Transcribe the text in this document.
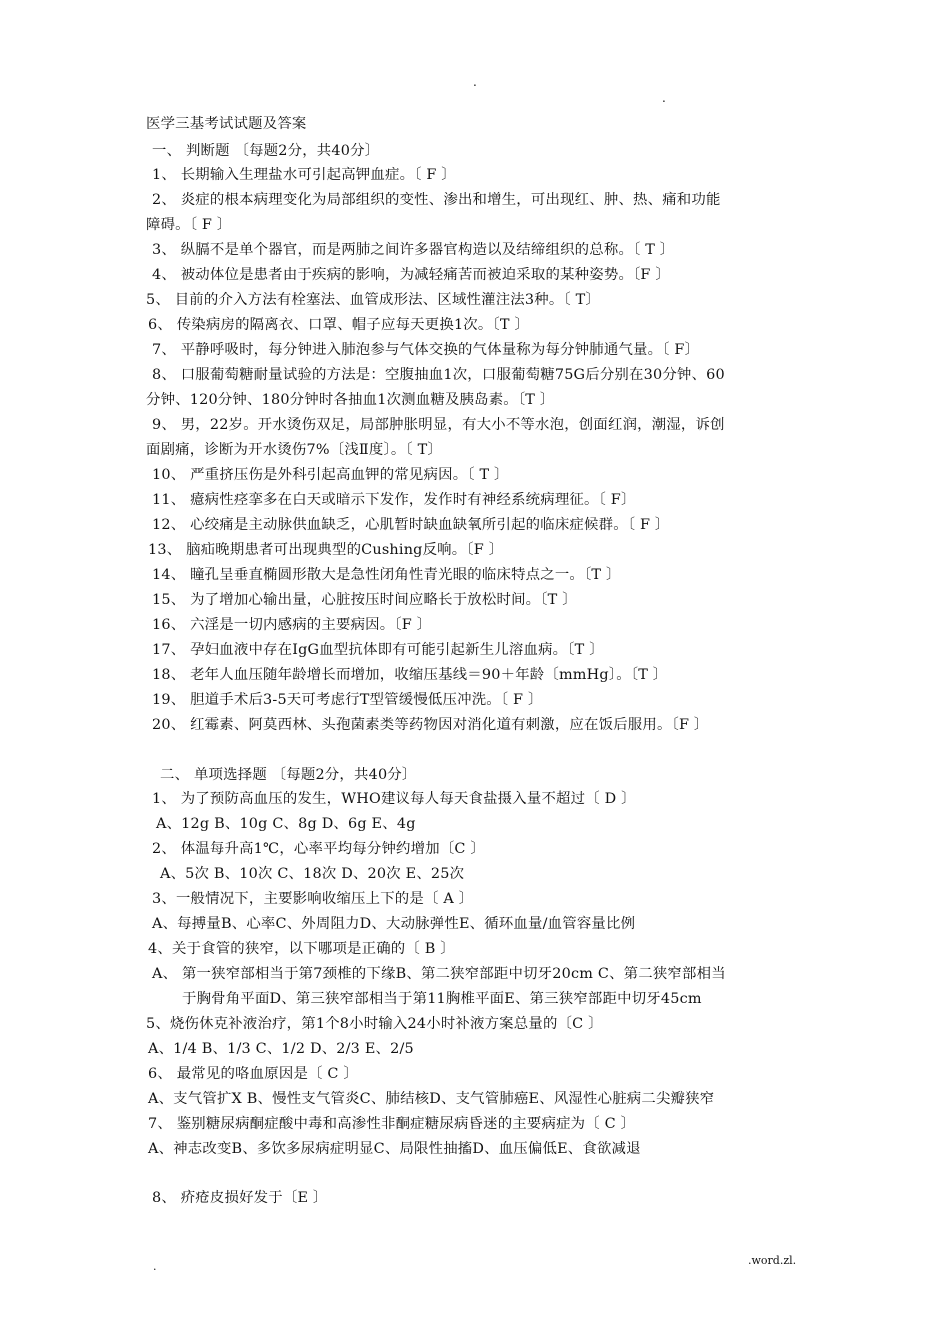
.
.
医学三基考试试题及答案
一、 判断题 〔每题2分，共40分〕
1、 长期输入生理盐水可引起高钾血症。〔 F 〕
2、 炎症的根本病理变化为局部组织的变性、渗出和增生，可出现红、肿、热、痛和功能
障碍。〔 F 〕
3、 纵膈不是单个器官，而是两肺之间许多器官构造以及结缔组织的总称。〔 T 〕
4、 被动体位是患者由于疾病的影响，为减轻痛苦而被迫采取的某种姿势。〔F 〕
5、 目前的介入方法有栓塞法、血管成形法、区域性灌注法3种。〔 T〕
6、 传染病房的隔离衣、口罩、帽子应每天更换1次。〔T 〕
7、 平静呼吸时，每分钟进入肺泡参与气体交换的气体量称为每分钟肺通气量。〔 F〕
8、 口服葡萄糖耐量试验的方法是：空腹抽血1次，口服葡萄糖75G后分别在30分钟、60
分钟、120分钟、180分钟时各抽血1次测血糖及胰岛素。〔T 〕
9、 男，22岁。开水烫伤双足，局部肿胀明显，有大小不等水泡，创面红润，潮湿，诉创
面剧痛，诊断为开水烫伤7%〔浅Ⅱ度〕。〔 T〕
10、 严重挤压伤是外科引起高血钾的常见病因。〔 T 〕
11、 癔病性痉挛多在白天或暗示下发作，发作时有神经系统病理征。〔 F〕
12、 心绞痛是主动脉供血缺乏，心肌暂时缺血缺氧所引起的临床症候群。〔 F 〕
13、 脑疝晚期患者可出现典型的Cushing反响。〔F 〕
14、 瞳孔呈垂直椭圆形散大是急性闭角性青光眼的临床特点之一。〔T 〕
15、 为了增加心输出量，心脏按压时间应略长于放松时间。〔T 〕
16、 六淫是一切内感病的主要病因。〔F 〕
17、 孕妇血液中存在IgG血型抗体即有可能引起新生儿溶血病。〔T 〕
18、 老年人血压随年龄增长而增加，收缩压基线＝90＋年龄〔mmHg〕。〔T 〕
19、 胆道手术后3-5天可考虑行T型管缓慢低压冲洗。〔 F 〕
20、 红霉素、阿莫西林、头孢菌素类等药物因对消化道有刺激，应在饭后服用。〔F 〕
二、 单项选择题 〔每题2分，共40分〕
1、 为了预防高血压的发生，WHO建议每人每天食盐摄入量不超过〔 D 〕
A、12g B、10g C、8g D、6g E、4g
2、 体温每升高1℃，心率平均每分钟约增加〔C 〕
A、5次 B、10次 C、18次 D、20次 E、25次
3、一般情况下，主要影响收缩压上下的是〔 A 〕
A、每搏量B、心率C、外周阻力D、大动脉弹性E、循环血量/血管容量比例
4、关于食管的狭窄，以下哪项是正确的〔 B 〕
A、 第一狭窄部相当于第7颈椎的下缘B、第二狭窄部距中切牙20cm C、第二狭窄部相当
于胸骨角平面D、第三狭窄部相当于第11胸椎平面E、第三狭窄部距中切牙45cm
5、烧伤休克补液治疗，第1个8小时输入24小时补液方案总量的〔C 〕
A、1/4 B、1/3 C、1/2 D、2/3 E、2/5
6、 最常见的咯血原因是〔 C 〕
A、支气管扩X B、慢性支气管炎C、肺结核D、支气管肺癌E、风湿性心脏病二尖瓣狭窄
7、 鉴别糖尿病酮症酸中毒和高渗性非酮症糖尿病昏迷的主要病症为〔 C 〕
A、神志改变B、多饮多尿病症明显C、局限性抽搐D、血压偏低E、食欲减退
8、 疥疮皮损好发于〔E 〕
.	.word.zl.
